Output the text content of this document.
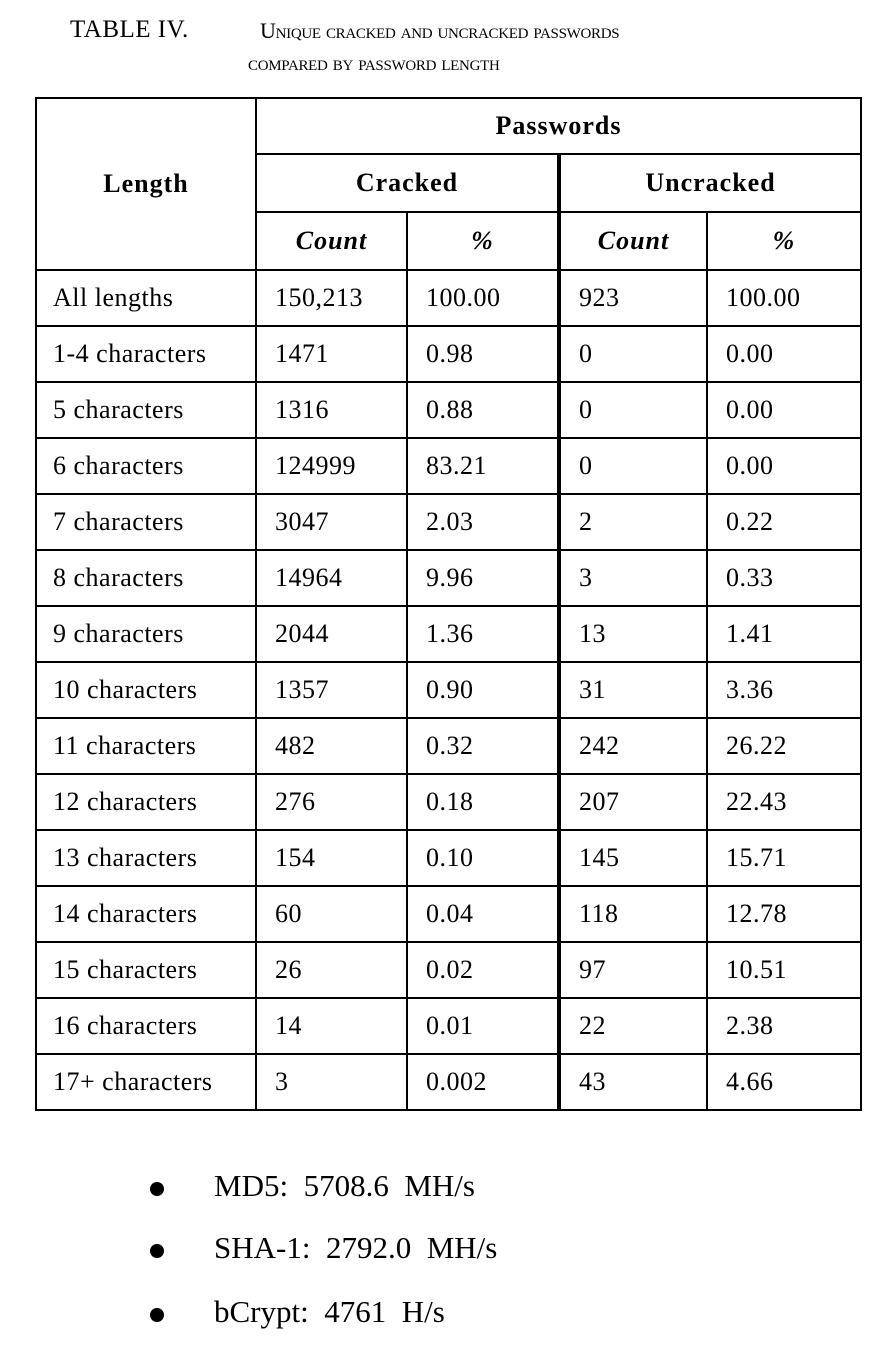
TABLE IV.	Unique cracked and uncracked passwords
compared by password length
Length	Passwords			
	Cracked		Uncracked	
	Count	%	Count	%
All lengths	150,213	100.00	923	100.00
1-4 characters	1471	0.98	0	0.00
5 characters	1316	0.88	0	0.00
6 characters	124999	83.21	0	0.00
7 characters	3047	2.03	2	0.22
8 characters	14964	9.96	3	0.33
9 characters	2044	1.36	13	1.41
10 characters	1357	0.90	31	3.36
11 characters	482	0.32	242	26.22
12 characters	276	0.18	207	22.43
13 characters	154	0.10	145	15.71
14 characters	60	0.04	118	12.78
15 characters	26	0.02	97	10.51
16 characters	14	0.01	22	2.38
17+ characters	3	0.002	43	4.66
MD5:  5708.6  MH/s
SHA-1:  2792.0  MH/s
bCrypt:  4761  H/s
